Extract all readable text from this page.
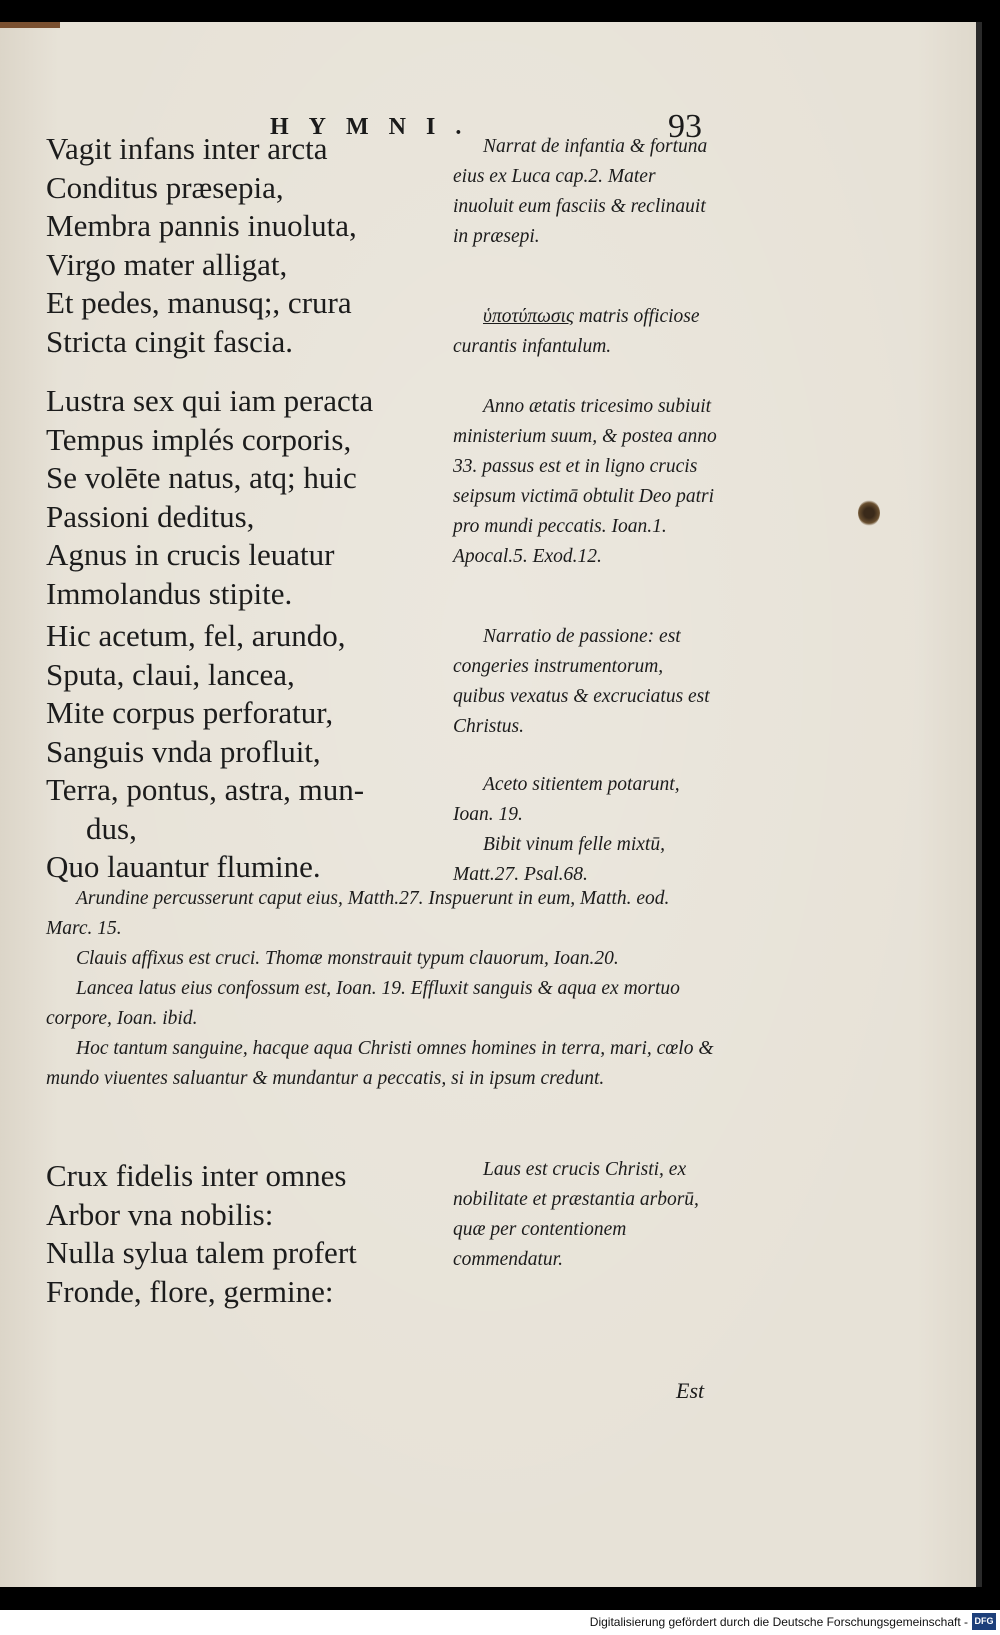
HYMNI.	93
Vagit infans inter arcta
Conditus præsepia,
Membra pannis inuoluta,
Virgo mater alligat,
Et pedes, manusq;, crura
Stricta cingit fascia.
Lustra sex qui iam peracta
Tempus implés corporis,
Se volēte natus, atq; huic
Passioni deditus,
Agnus in crucis leuatur
Immolandus stipite.
Hic acetum, fel, arundo,
Sputa, claui, lancea,
Mite corpus perforatur,
Sanguis vnda profluit,
Terra, pontus, astra, mun-
dus,
Quo lauantur flumine.
Crux fidelis inter omnes
Arbor vna nobilis:
Nulla sylua talem profert
Fronde, flore, germine:

Narrat de infantia & fortuna eius ex Luca cap.2. Mater inuoluit eum fasciis & reclinauit in præsepi.

ὑποτύπωσις matris officiose curantis infantulum.

Anno ætatis tricesimo subiuit ministerium suum, & postea anno 33. passus est et in ligno crucis seipsum victimā obtulit Deo patri pro mundi peccatis. Ioan.1. Apocal.5. Exod.12.

Narratio de passione: est congeries instrumentorum, quibus vexatus & excruciatus est Christus.

Aceto sitientem potarunt, Ioan. 19.

Bibit vinum felle mixtū, Matt.27. Psal.68.

Arundine percusserunt caput eius, Matth.27. Inspuerunt in eum, Matth. eod. Marc. 15.

Clauis affixus est cruci. Thomæ monstrauit typum clauorum, Ioan.20.

Lancea latus eius confossum est, Ioan. 19. Effluxit sanguis & aqua ex mortuo corpore, Ioan. ibid.

Hoc tantum sanguine, hacque aqua Christi omnes homines in terra, mari, cœlo & mundo viuentes saluantur & mundantur a peccatis, si in ipsum credunt.

Laus est crucis Christi, ex nobilitate et præstantia arborū, quæ per contentionem commendatur.

Est
Digitalisierung gefördert durch die Deutsche Forschungsgemeinschaft - DFG
